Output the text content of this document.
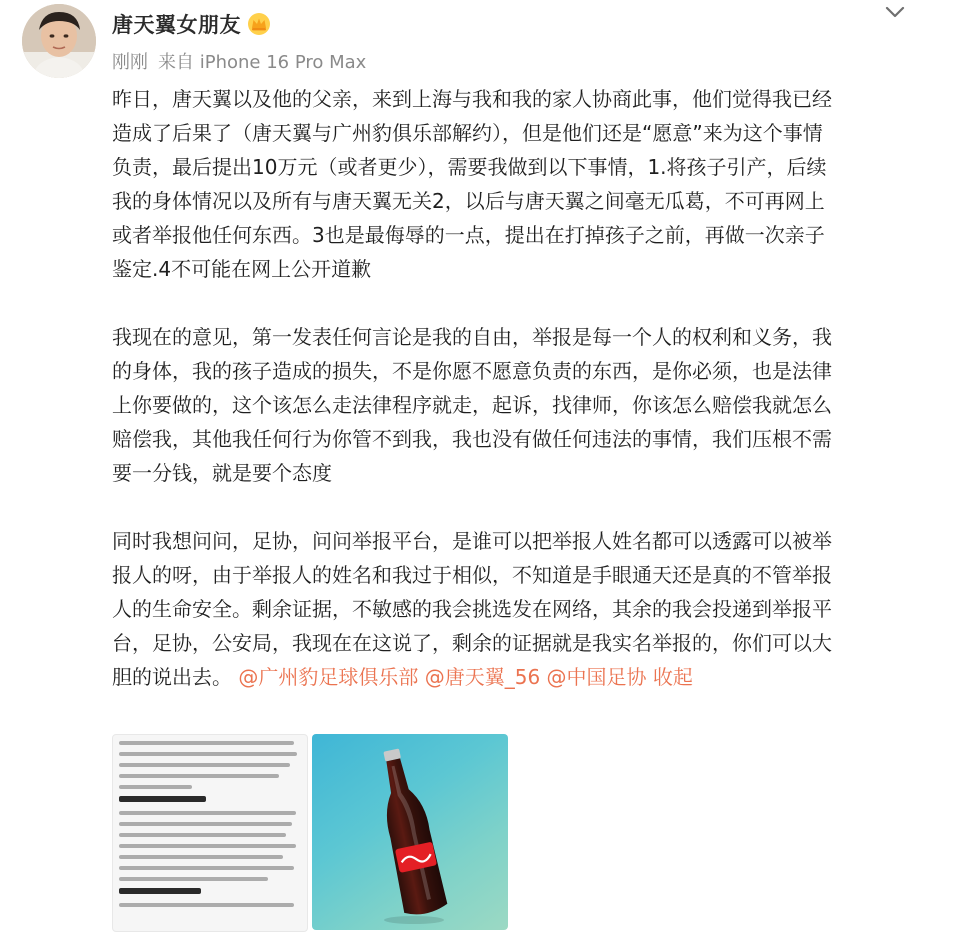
唐天翼女朋友
刚刚 来自 iPhone 16 Pro Max

昨日，唐天翼以及他的父亲，来到上海与我和我的家人协商此事，他们觉得我已经

造成了后果了（唐天翼与广州豹俱乐部解约），但是他们还是“愿意”来为这个事情

负责，最后提出10万元（或者更少），需要我做到以下事情，1.将孩子引产，后续

我的身体情况以及所有与唐天翼无关2，以后与唐天翼之间毫无瓜葛，不可再网上

或者举报他任何东西。3也是最侮辱的一点，提出在打掉孩子之前，再做一次亲子

鉴定.4不可能在网上公开道歉

我现在的意见，第一发表任何言论是我的自由，举报是每一个人的权利和义务，我

的身体，我的孩子造成的损失，不是你愿不愿意负责的东西，是你必须，也是法律

上你要做的，这个该怎么走法律程序就走，起诉，找律师，你该怎么赔偿我就怎么

赔偿我，其他我任何行为你管不到我，我也没有做任何违法的事情，我们压根不需

要一分钱，就是要个态度

同时我想问问，足协，问问举报平台，是谁可以把举报人姓名都可以透露可以被举

报人的呀，由于举报人的姓名和我过于相似，不知道是手眼通天还是真的不管举报

人的生命安全。剩余证据，不敏感的我会挑选发在网络，其余的我会投递到举报平

台，足协，公安局，我现在在这说了，剩余的证据就是我实名举报的，你们可以大

胆的说出去。 @广州豹足球俱乐部 @唐天翼_56 @中国足协 收起
